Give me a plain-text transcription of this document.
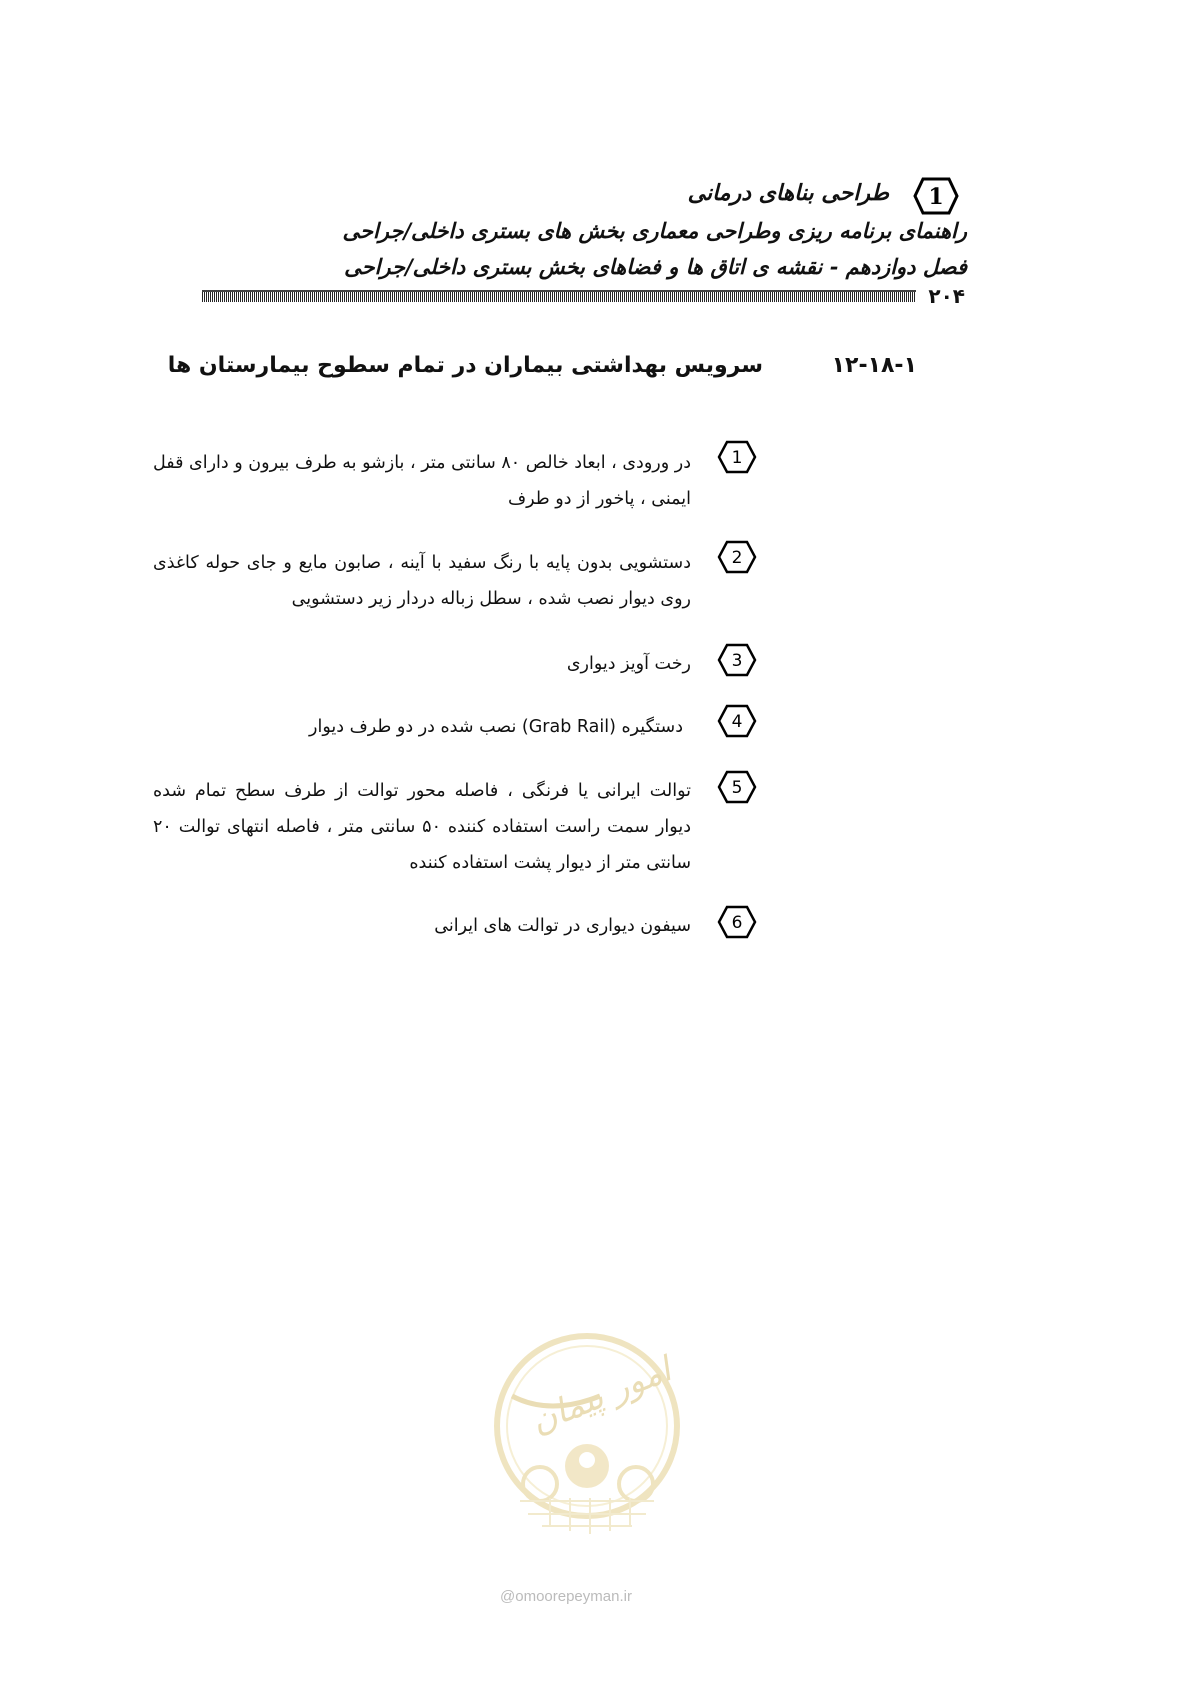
طراحی بناهای درمانی 1
راهنمای برنامه ریزی وطراحی معماری بخش های بستری داخلی/جراحی
فصل دوازدهم - نقشه ی اتاق ها و فضاهای بخش بستری داخلی/جراحی
۲۰۴
۱۲-۱۸-۱
سرویس بهداشتی بیماران در تمام سطوح بیمارستان ها
1
در ورودی ، ابعاد خالص ۸۰ سانتی متر ، بازشو به طرف بیرون و دارای قفل ایمنی ، پاخور از دو طرف
2
دستشویی بدون پایه با رنگ سفید با آینه ، صابون مایع و جای حوله کاغذی روی دیوار نصب شده ، سطل زباله دردار زیر دستشویی
3
رخت آویز دیواری
4
دستگیره (Grab Rail) نصب شده در دو طرف دیوار
5
توالت ایرانی یا فرنگی ، فاصله محور توالت از طرف سطح تمام شده دیوار سمت راست استفاده کننده ۵۰ سانتی متر ، فاصله انتهای توالت ۲۰ سانتی متر از دیوار پشت استفاده کننده
6
سیفون دیواری در توالت های ایرانی
امور پیمان
@omoorepeyman.ir
